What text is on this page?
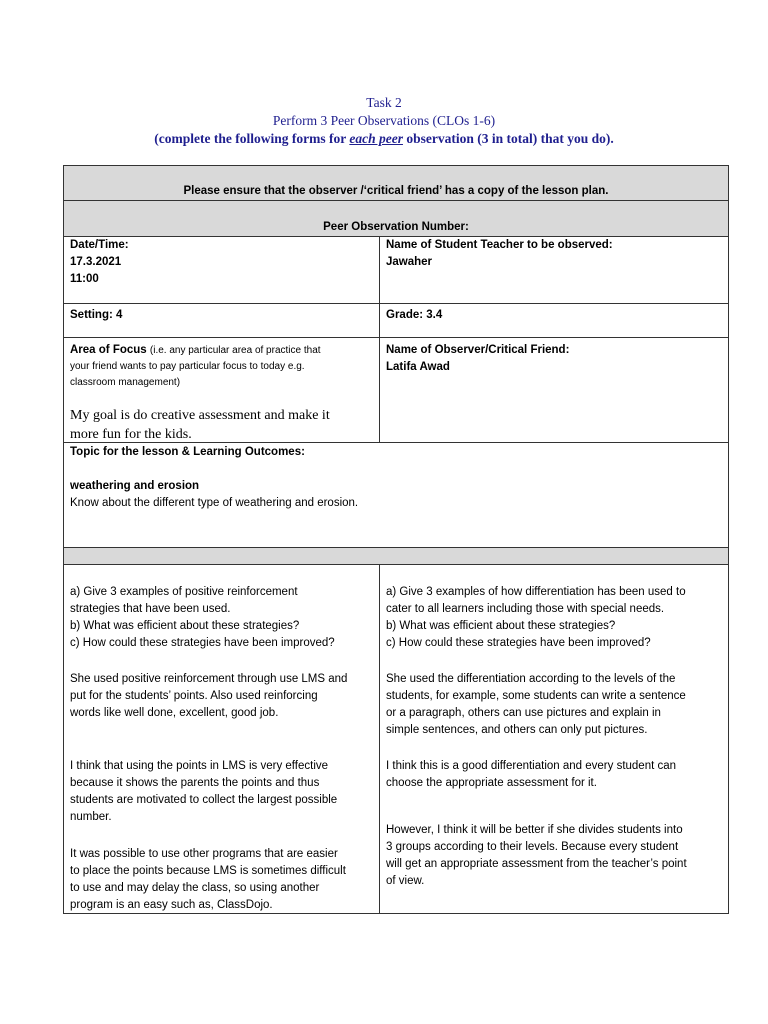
Task 2
Perform 3 Peer Observations (CLOs 1-6)
(complete the following forms for each peer observation (3 in total) that you do).
Please ensure that the observer /‘critical friend’ has a copy of the lesson plan.
Peer Observation Number:
Date/Time:
17.3.2021
11:00
Name of Student Teacher to be observed:
Jawaher
Setting: 4	Grade: 3.4
Area of Focus (i.e. any particular area of practice that
your friend wants to pay particular focus to today e.g.
classroom management)
My goal is do creative assessment and make it
more fun for the kids.
Name of Observer/Critical Friend:
Latifa Awad
Topic for the lesson & Learning Outcomes:
weathering and erosion
Know about the different type of weathering and erosion.
a) Give 3 examples of positive reinforcement
strategies that have been used.
b) What was efficient about these strategies?
c) How could these strategies have been improved?
She used positive reinforcement through use LMS and
put for the students’ points. Also used reinforcing
words like well done, excellent, good job.
I think that using the points in LMS is very effective
because it shows the parents the points and thus
students are motivated to collect the largest possible
number.
It was possible to use other programs that are easier
to place the points because LMS is sometimes difficult
to use and may delay the class, so using another
program is an easy such as, ClassDojo.
a) Give 3 examples of how differentiation has been used to
cater to all learners including those with special needs.
b) What was efficient about these strategies?
c) How could these strategies have been improved?
She used the differentiation according to the levels of the
students, for example, some students can write a sentence
or a paragraph, others can use pictures and explain in
simple sentences, and others can only put pictures.
I think this is a good differentiation and every student can
choose the appropriate assessment for it.
However, I think it will be better if she divides students into
3 groups according to their levels. Because every student
will get an appropriate assessment from the teacher’s point
of view.
